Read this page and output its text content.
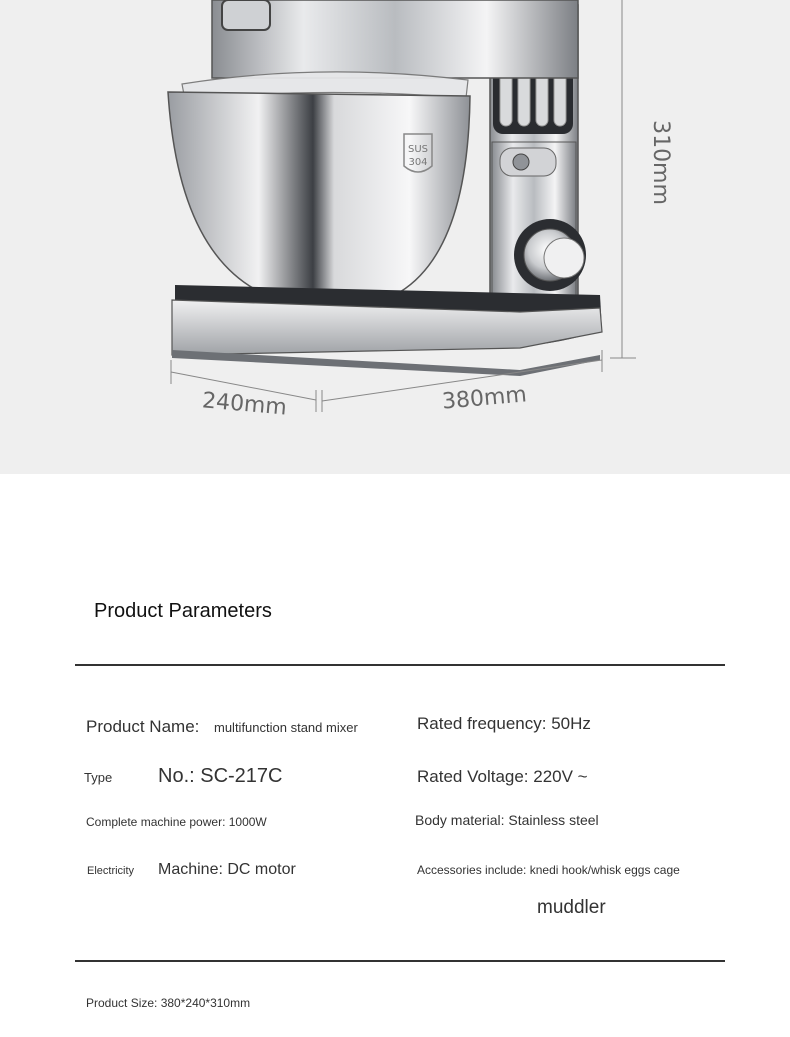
SUS
304
240mm	380mm
310mm
Product Parameters
Product Name: multifunction stand mixer
Type No.: SC-217C
Complete machine power: 1000W
Electricity Machine: DC motor
Rated frequency: 50Hz
Rated Voltage: 220V ~
Body material: Stainless steel
Accessories include: knedi hook/whisk eggs cage
muddler
Product Size: 380*240*310mm
